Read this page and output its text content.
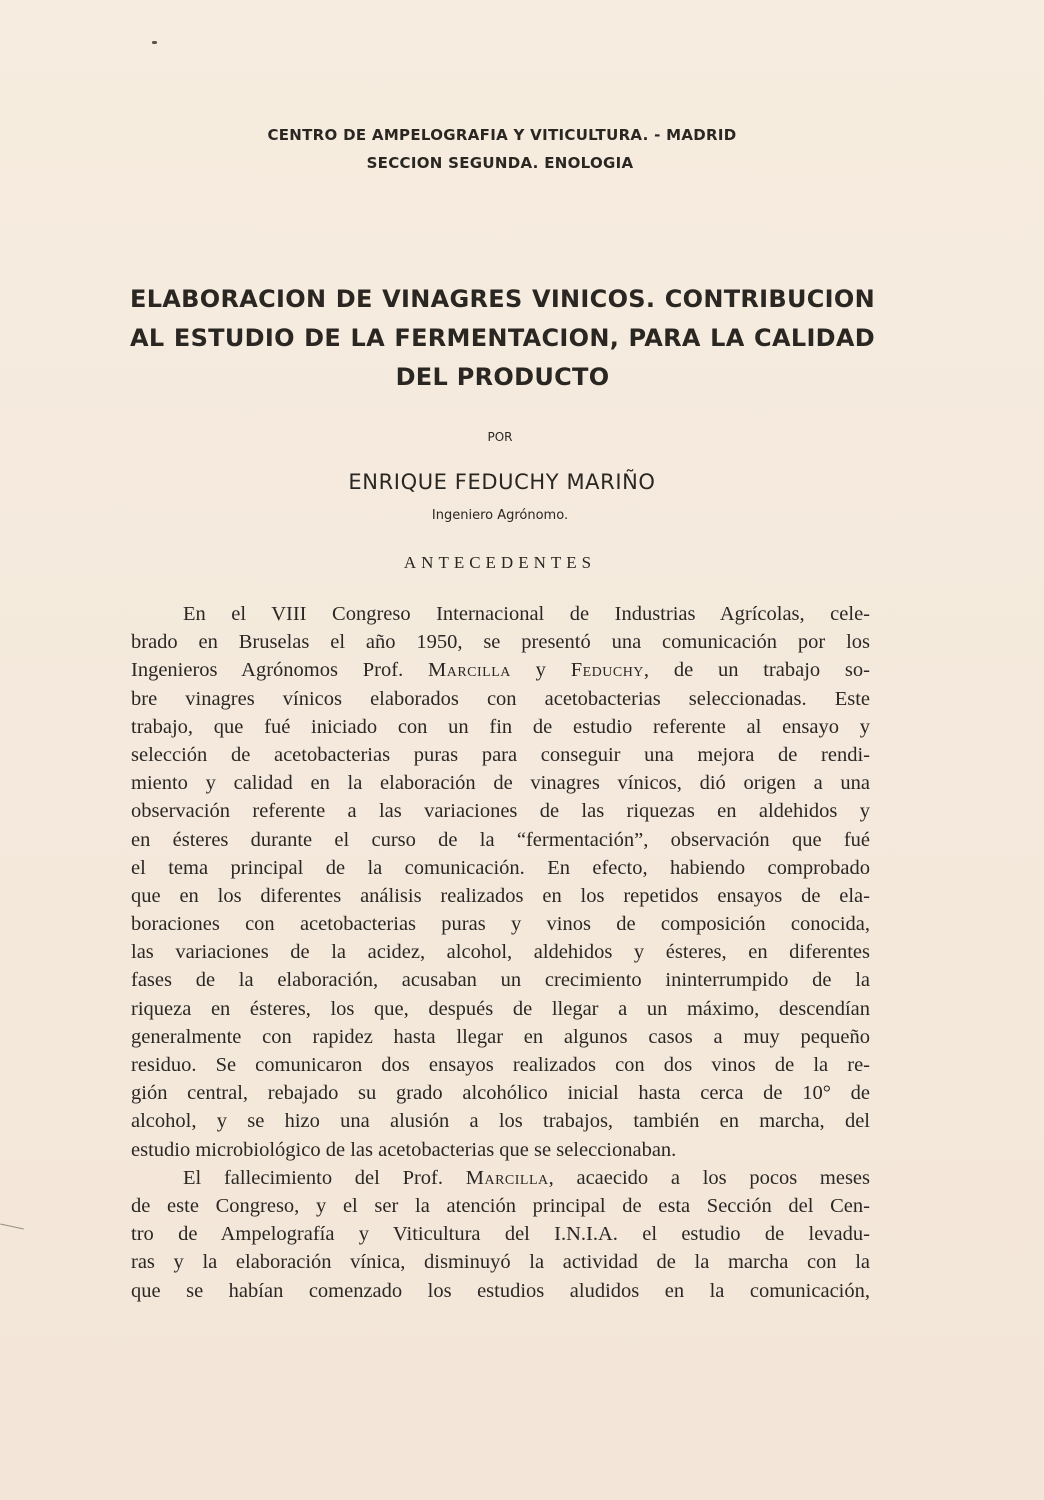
CENTRO DE AMPELOGRAFIA Y VITICULTURA. - MADRID
SECCION SEGUNDA. ENOLOGIA
ELABORACION DE VINAGRES VINICOS. CONTRIBUCION
AL ESTUDIO DE LA FERMENTACION, PARA LA CALIDAD
DEL PRODUCTO
POR
ENRIQUE FEDUCHY MARIÑO
Ingeniero Agrónomo.
ANTECEDENTES
En el VIII Congreso Internacional de Industrias Agrícolas, cele-
brado en Bruselas el año 1950, se presentó una comunicación por los
Ingenieros Agrónomos Prof. Marcilla y Feduchy, de un trabajo so-
bre vinagres vínicos elaborados con acetobacterias seleccionadas. Este
trabajo, que fué iniciado con un fin de estudio referente al ensayo y
selección de acetobacterias puras para conseguir una mejora de rendi-
miento y calidad en la elaboración de vinagres vínicos, dió origen a una
observación referente a las variaciones de las riquezas en aldehidos y
en ésteres durante el curso de la “fermentación”, observación que fué
el tema principal de la comunicación. En efecto, habiendo comprobado
que en los diferentes análisis realizados en los repetidos ensayos de ela-
boraciones con acetobacterias puras y vinos de composición conocida,
las variaciones de la acidez, alcohol, aldehidos y ésteres, en diferentes
fases de la elaboración, acusaban un crecimiento ininterrumpido de la
riqueza en ésteres, los que, después de llegar a un máximo, descendían
generalmente con rapidez hasta llegar en algunos casos a muy pequeño
residuo. Se comunicaron dos ensayos realizados con dos vinos de la re-
gión central, rebajado su grado alcohólico inicial hasta cerca de 10° de
alcohol, y se hizo una alusión a los trabajos, también en marcha, del
estudio microbiológico de las acetobacterias que se seleccionaban.
El fallecimiento del Prof. Marcilla, acaecido a los pocos meses
de este Congreso, y el ser la atención principal de esta Sección del Cen-
tro de Ampelografía y Viticultura del I.N.I.A. el estudio de levadu-
ras y la elaboración vínica, disminuyó la actividad de la marcha con la
que se habían comenzado los estudios aludidos en la comunicación,
